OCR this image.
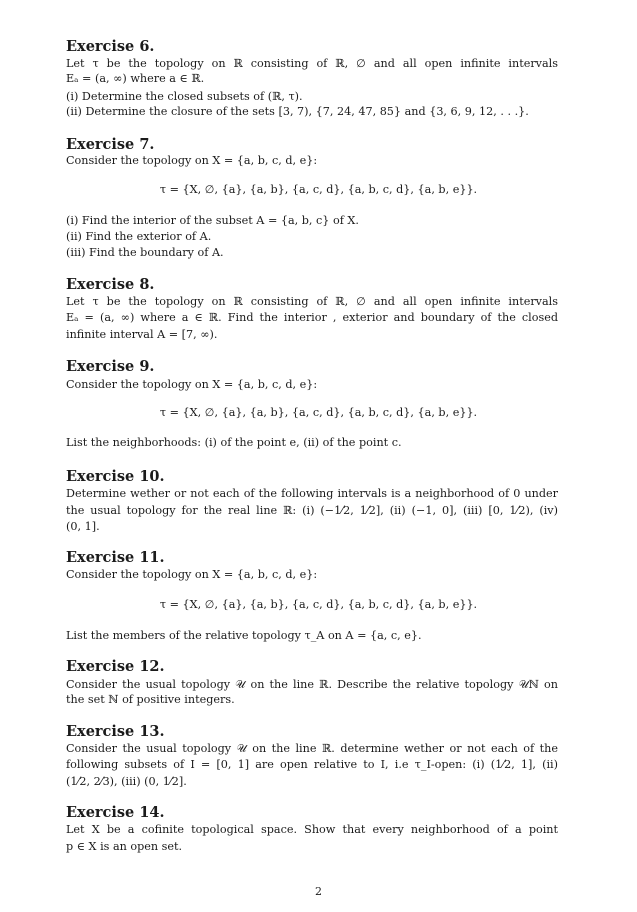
Exercise 6.

Let τ be the topology on ℝ consisting of ℝ, ∅ and all open infinite intervals

Eₐ = (a, ∞) where a ∈ ℝ.

(i) Determine the closed subsets of (ℝ, τ).

(ii) Determine the closure of the sets [3, 7), {7, 24, 47, 85} and {3, 6, 9, 12, . . .}.

Exercise 7.

Consider the topology on X = {a, b, c, d, e}:

τ = {X, ∅, {a}, {a, b}, {a, c, d}, {a, b, c, d}, {a, b, e}}.

(i) Find the interior of the subset A = {a, b, c} of X.

(ii) Find the exterior of A.

(iii) Find the boundary of A.

Exercise 8.

Let τ be the topology on ℝ consisting of ℝ, ∅ and all open infinite intervals

Eₐ = (a, ∞) where a ∈ ℝ. Find the interior , exterior and boundary of the closed

infinite interval A = [7, ∞).

Exercise 9.

Consider the topology on X = {a, b, c, d, e}:

τ = {X, ∅, {a}, {a, b}, {a, c, d}, {a, b, c, d}, {a, b, e}}.

List the neighborhoods: (i) of the point e, (ii) of the point c.

Exercise 10.

Determine wether or not each of the following intervals is a neighborhood of 0 under

the usual topology for the real line ℝ: (i) (−1⁄2, 1⁄2], (ii) (−1, 0], (iii) [0, 1⁄2), (iv)

(0, 1].

Exercise 11.

Consider the topology on X = {a, b, c, d, e}:

τ = {X, ∅, {a}, {a, b}, {a, c, d}, {a, b, c, d}, {a, b, e}}.

List the members of the relative topology τ_A on A = {a, c, e}.

Exercise 12.

Consider the usual topology 𝒰 on the line ℝ. Describe the relative topology 𝒰ℕ on

the set ℕ of positive integers.

Exercise 13.

Consider the usual topology 𝒰 on the line ℝ. determine wether or not each of the

following subsets of I = [0, 1] are open relative to I, i.e τ_I-open: (i) (1⁄2, 1], (ii)

(1⁄2, 2⁄3), (iii) (0, 1⁄2].

Exercise 14.

Let X be a cofinite topological space. Show that every neighborhood of a point

p ∈ X is an open set.

2
